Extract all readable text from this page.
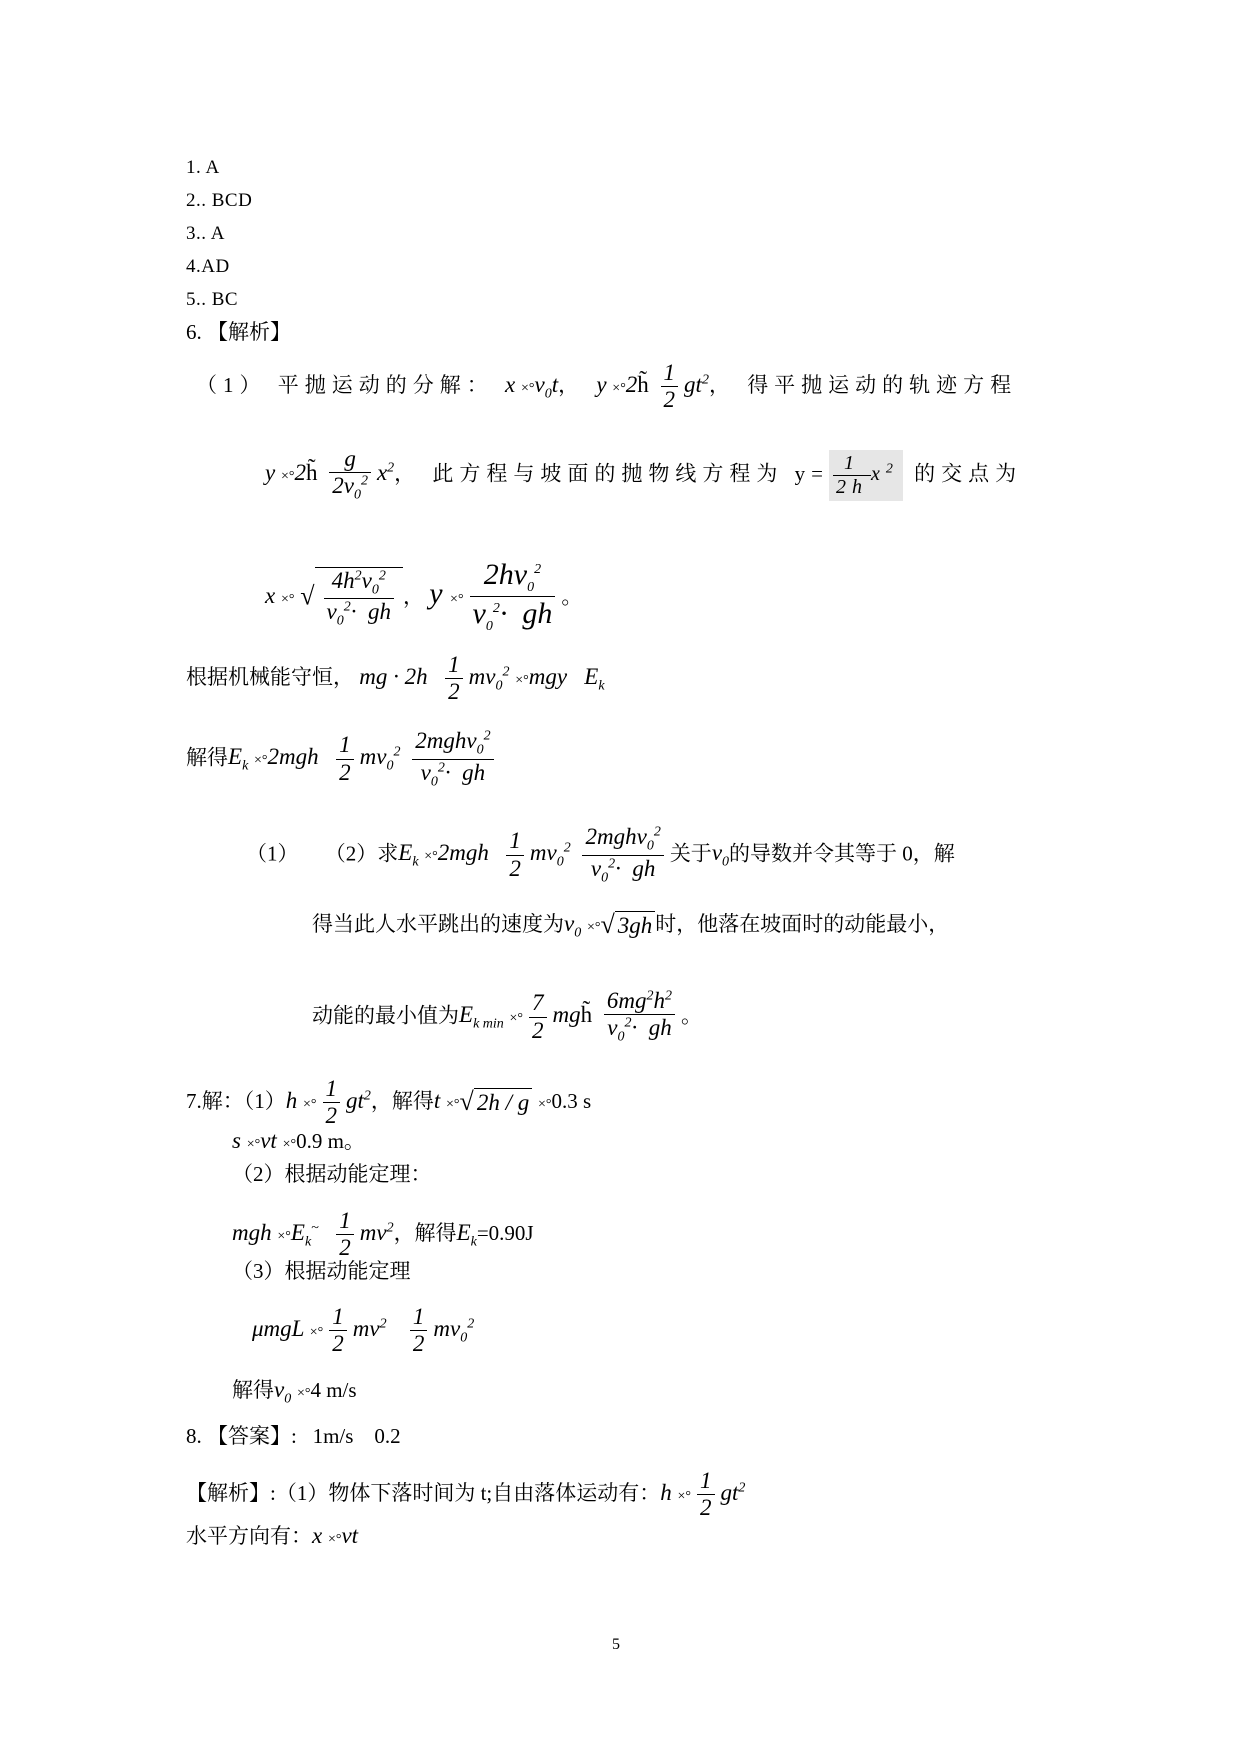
1. A
2.. BCD
3.. A
4.AD
5.. BC
6. 【解析】
（1） 平抛运动的分解： $x \times^\circ v_0t$， y ×°2h̃ $\frac{1}{2} gt^2$， 得平抛运动的轨迹方程
y ×°2h̃ $\frac{g}{2v_0^2} x^2$， 此方程与坡面的抛物线方程为 $y= \frac{1}{2h} x^2$ 的交点为
x ×° √ $\frac{4h^2v_0^2}{v_0^2\cdot gh}$ ， y ×° $\frac{2hv_0^2}{v_0^2\cdot gh}$ 。
根据机械能守恒， mg · $2h \frac{1}{2} mv_0^2 \times^\circ mgy$   $E_k$
解得$E_k \times^\circ 2mgh \frac{1}{2} mv_0^2 \frac{2mghv_0^2}{v_0^2\cdot gh}$
（1） （2）求$E_k \times^\circ 2mgh \frac{1}{2} mv_0^2 \frac{2mghv_0^2}{v_0^2\cdot gh}$ 关于$v_0$的导数并令其等于 0，解
得当此人水平跳出的速度为$v_0$ ×°√ 3gh 时，他落在坡面时的动能最小，
动能的最小值为$E_{k min}$ ×° $\frac{7}{2}$ mgh̃ $\frac{6mg^2h^2}{v_0^2\cdot gh}$ 。
7.解：（1）h ×° $\frac{1}{2} gt^2$，解得t ×°√ 2h / g ×°0.3 s
s ×°vt ×°0.9 m。
（2）根据动能定理：
mgh $\times^\circ E_k^\sim \frac{1}{2} mv^2$，解得$E_k=0.90J$
（3）根据动能定理
μmgL ×° $\frac{1}{2} mv^2 \frac{1}{2} mv_0^2$
解得$v_0 \times^\circ 4$ m/s
8. 【答案】: 1m/s    0.2
【解析】:（1）物体下落时间为 t;自由落体运动有：h ×° $\frac{1}{2} gt^2$
水平方向有：x ×°vt
5
